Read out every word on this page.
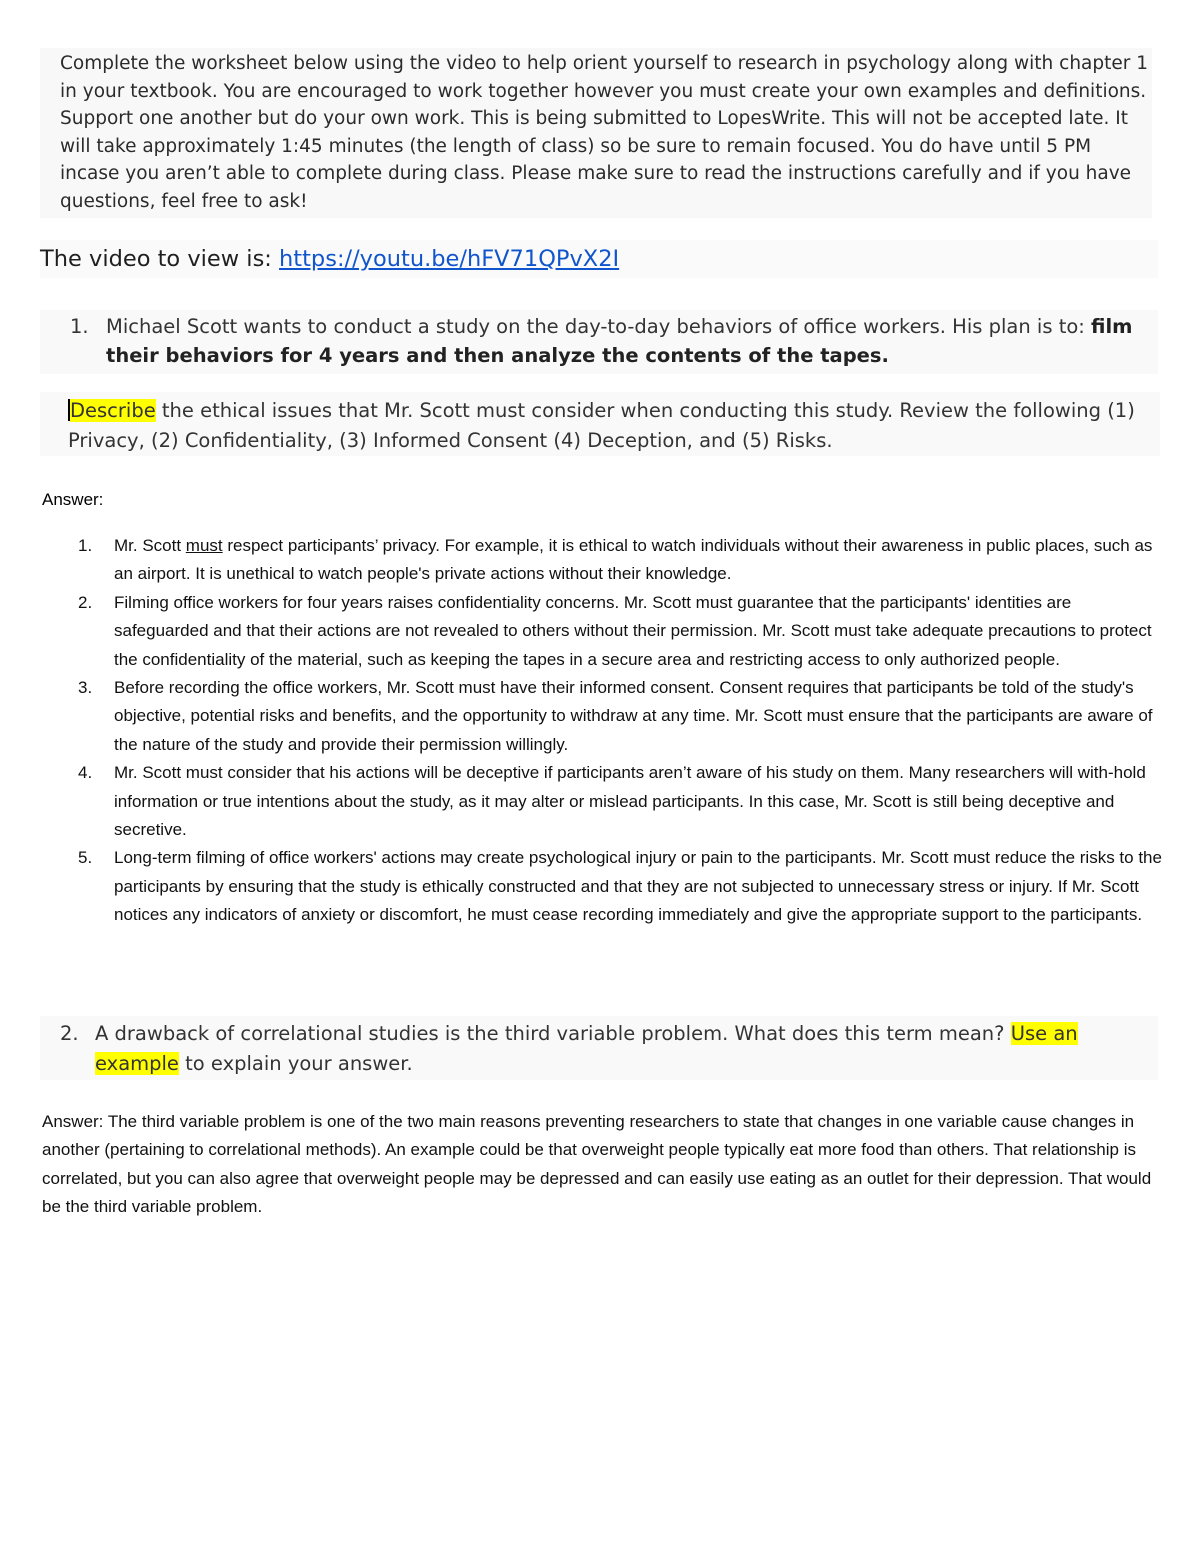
Complete the worksheet below using the video to help orient yourself to research in psychology along with chapter 1 in your textbook. You are encouraged to work together however you must create your own examples and definitions. Support one another but do your own work. This is being submitted to LopesWrite. This will not be accepted late. It will take approximately 1:45 minutes (the length of class) so be sure to remain focused. You do have until 5 PM incase you aren’t able to complete during class. Please make sure to read the instructions carefully and if you have questions, feel free to ask!
The video to view is: https://youtu.be/hFV71QPvX2I
1. Michael Scott wants to conduct a study on the day-to-day behaviors of office workers. His plan is to: film their behaviors for 4 years and then analyze the contents of the tapes.
Describe the ethical issues that Mr. Scott must consider when conducting this study. Review the following (1) Privacy, (2) Confidentiality, (3) Informed Consent (4) Deception, and (5) Risks.
Answer:
1. Mr. Scott must respect participants’ privacy. For example, it is ethical to watch individuals without their awareness in public places, such as an airport. It is unethical to watch people's private actions without their knowledge.
2. Filming office workers for four years raises confidentiality concerns. Mr. Scott must guarantee that the participants' identities are safeguarded and that their actions are not revealed to others without their permission. Mr. Scott must take adequate precautions to protect the confidentiality of the material, such as keeping the tapes in a secure area and restricting access to only authorized people.
3. Before recording the office workers, Mr. Scott must have their informed consent. Consent requires that participants be told of the study's objective, potential risks and benefits, and the opportunity to withdraw at any time. Mr. Scott must ensure that the participants are aware of the nature of the study and provide their permission willingly.
4. Mr. Scott must consider that his actions will be deceptive if participants aren’t aware of his study on them. Many researchers will with-hold information or true intentions about the study, as it may alter or mislead participants. In this case, Mr. Scott is still being deceptive and secretive.
5. Long-term filming of office workers' actions may create psychological injury or pain to the participants. Mr. Scott must reduce the risks to the participants by ensuring that the study is ethically constructed and that they are not subjected to unnecessary stress or injury. If Mr. Scott notices any indicators of anxiety or discomfort, he must cease recording immediately and give the appropriate support to the participants.
2. A drawback of correlational studies is the third variable problem. What does this term mean? Use an example to explain your answer.
Answer: The third variable problem is one of the two main reasons preventing researchers to state that changes in one variable cause changes in another (pertaining to correlational methods). An example could be that overweight people typically eat more food than others. That relationship is correlated, but you can also agree that overweight people may be depressed and can easily use eating as an outlet for their depression. That would be the third variable problem.
